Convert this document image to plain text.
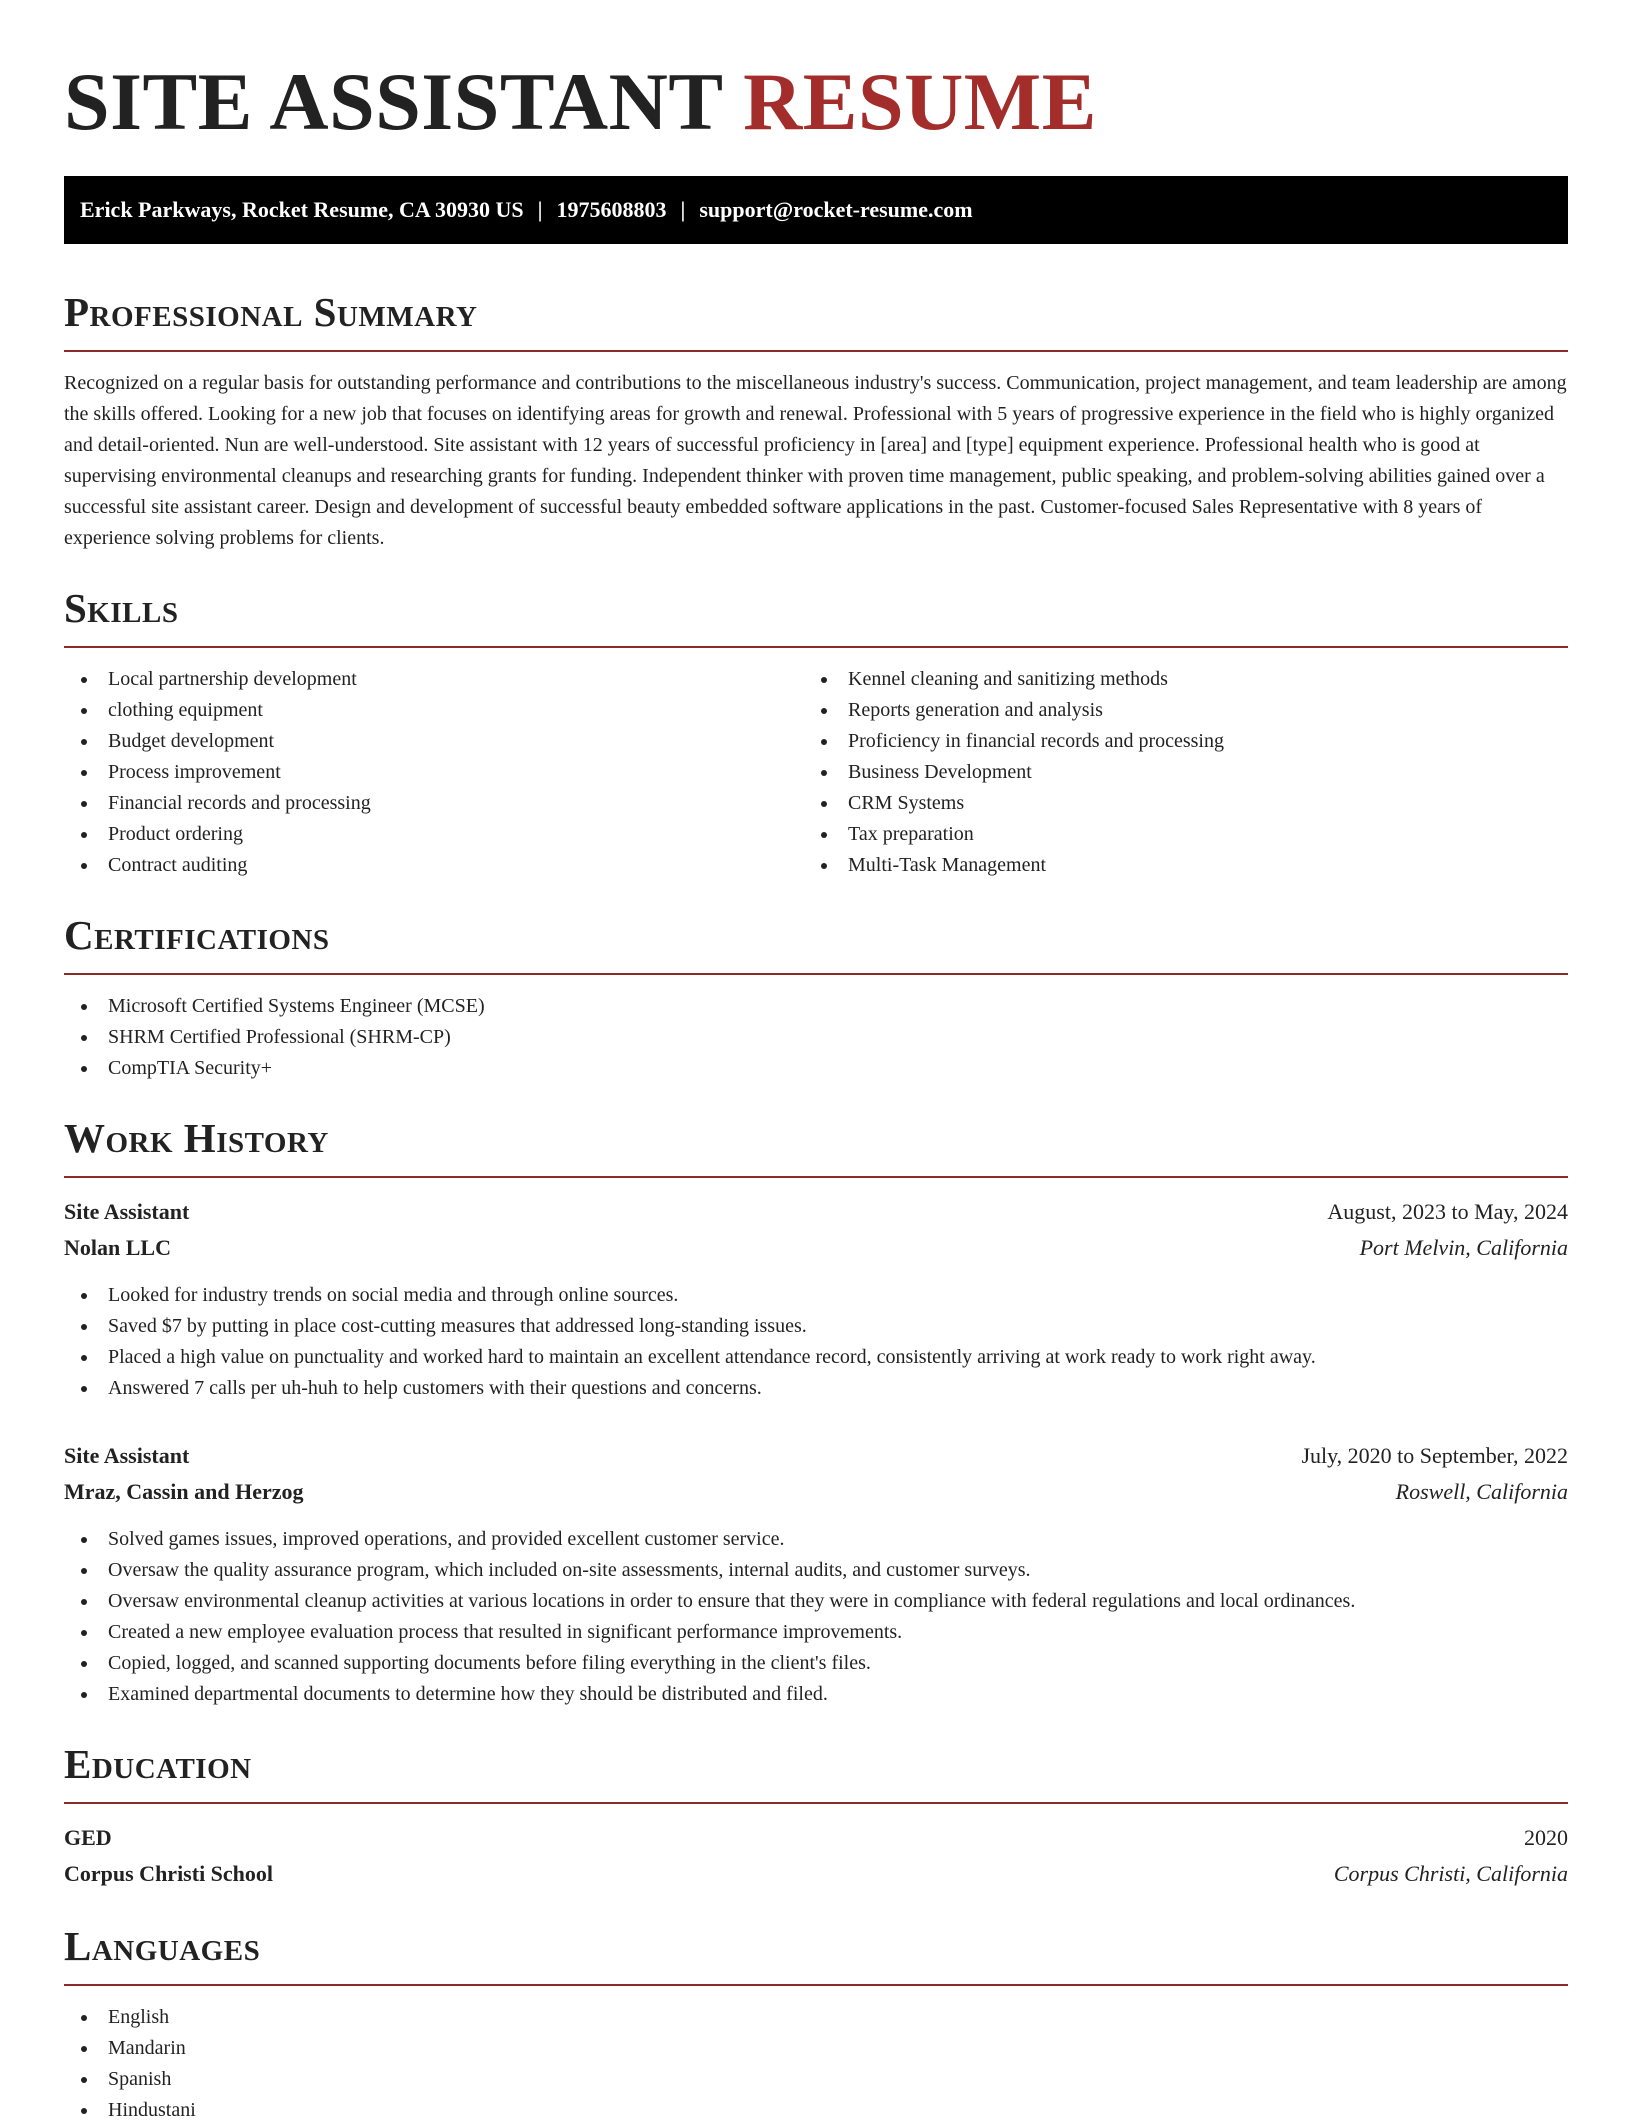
SITE ASSISTANT RESUME
Erick Parkways, Rocket Resume, CA 30930 US | 1975608803 | support@rocket-resume.com
Professional Summary

Recognized on a regular basis for outstanding performance and contributions to the miscellaneous industry's success. Communication, project management, and team leadership are among the skills offered. Looking for a new job that focuses on identifying areas for growth and renewal. Professional with 5 years of progressive experience in the field who is highly organized and detail-oriented. Nun are well-understood. Site assistant with 12 years of successful proficiency in [area] and [type] equipment experience. Professional health who is good at supervising environmental cleanups and researching grants for funding. Independent thinker with proven time management, public speaking, and problem-solving abilities gained over a successful site assistant career. Design and development of successful beauty embedded software applications in the past. Customer-focused Sales Representative with 8 years of experience solving problems for clients.

Skills
Local partnership development
clothing equipment
Budget development
Process improvement
Financial records and processing
Product ordering
Contract auditing
Kennel cleaning and sanitizing methods
Reports generation and analysis
Proficiency in financial records and processing
Business Development
CRM Systems
Tax preparation
Multi-Task Management
Certifications
Microsoft Certified Systems Engineer (MCSE)
SHRM Certified Professional (SHRM-CP)
CompTIA Security+
Work History
Site Assistant	August, 2023 to May, 2024
Nolan LLC	Port Melvin, California
Looked for industry trends on social media and through online sources.
Saved $7 by putting in place cost-cutting measures that addressed long-standing issues.
Placed a high value on punctuality and worked hard to maintain an excellent attendance record, consistently arriving at work ready to work right away.
Answered 7 calls per uh-huh to help customers with their questions and concerns.
Site Assistant	July, 2020 to September, 2022
Mraz, Cassin and Herzog	Roswell, California
Solved games issues, improved operations, and provided excellent customer service.
Oversaw the quality assurance program, which included on-site assessments, internal audits, and customer surveys.
Oversaw environmental cleanup activities at various locations in order to ensure that they were in compliance with federal regulations and local ordinances.
Created a new employee evaluation process that resulted in significant performance improvements.
Copied, logged, and scanned supporting documents before filing everything in the client's files.
Examined departmental documents to determine how they should be distributed and filed.
Education
GED	2020
Corpus Christi School	Corpus Christi, California
Languages
English
Mandarin
Spanish
Hindustani
